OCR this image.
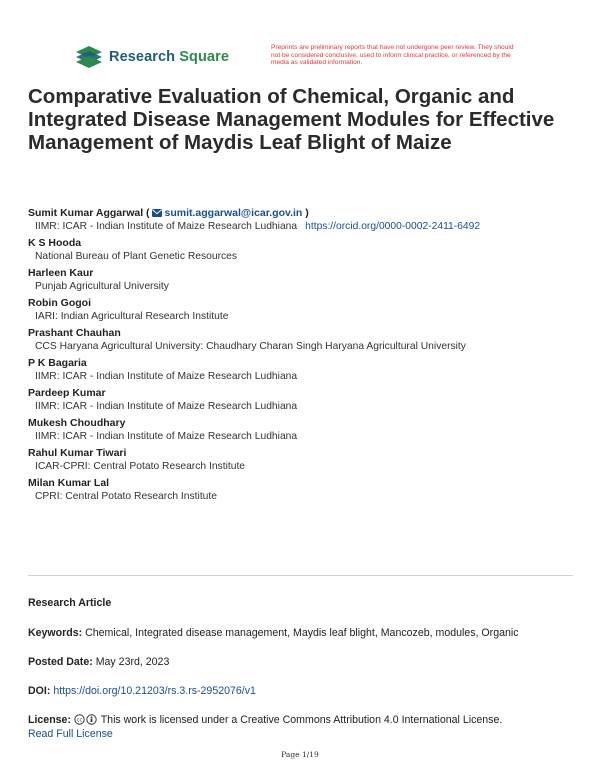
Research Square
Preprints are preliminary reports that have not undergone peer review. They should not be considered conclusive, used to inform clinical practice, or referenced by the media as validated information.
Comparative Evaluation of Chemical, Organic and Integrated Disease Management Modules for Effective Management of Maydis Leaf Blight of Maize
Sumit Kumar Aggarwal ( sumit.aggarwal@icar.gov.in )
IIMR: ICAR - Indian Institute of Maize Research Ludhiana https://orcid.org/0000-0002-2411-6492
K S Hooda
National Bureau of Plant Genetic Resources
Harleen Kaur
Punjab Agricultural University
Robin Gogoi
IARI: Indian Agricultural Research Institute
Prashant Chauhan
CCS Haryana Agricultural University: Chaudhary Charan Singh Haryana Agricultural University
P K Bagaria
IIMR: ICAR - Indian Institute of Maize Research Ludhiana
Pardeep Kumar
IIMR: ICAR - Indian Institute of Maize Research Ludhiana
Mukesh Choudhary
IIMR: ICAR - Indian Institute of Maize Research Ludhiana
Rahul Kumar Tiwari
ICAR-CPRI: Central Potato Research Institute
Milan Kumar Lal
CPRI: Central Potato Research Institute
Research Article
Keywords: Chemical, Integrated disease management, Maydis leaf blight, Mancozeb, modules, Organic
Posted Date: May 23rd, 2023
DOI: https://doi.org/10.21203/rs.3.rs-2952076/v1
License: cc This work is licensed under a Creative Commons Attribution 4.0 International License.
Read Full License
Page 1/19
